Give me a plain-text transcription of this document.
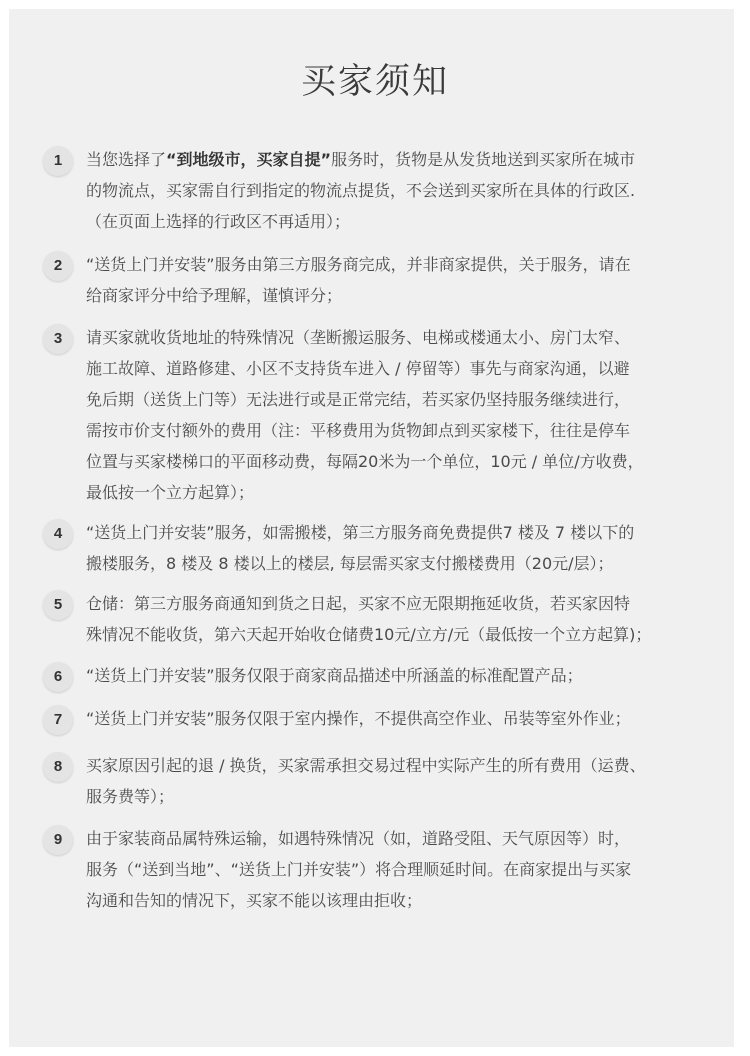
买家须知
1	当您选择了“到地级市，买家自提”服务时，货物是从发货地送到买家所在城市
的物流点，买家需自行到指定的物流点提货，不会送到买家所在具体的行政区.
（在页面上选择的行政区不再适用）；
2	“送货上门并安装”服务由第三方服务商完成，并非商家提供，关于服务，请在
给商家评分中给予理解，谨慎评分；
3	请买家就收货地址的特殊情况（垄断搬运服务、电梯或楼通太小、房门太窄、
施工故障、道路修建、小区不支持货车进入 / 停留等）事先与商家沟通，以避
免后期（送货上门等）无法进行或是正常完结，若买家仍坚持服务继续进行，
需按市价支付额外的费用（注：平移费用为货物卸点到买家楼下，往往是停车
位置与买家楼梯口的平面移动费，每隔20米为一个单位，10元 / 单位/方收费，
最低按一个立方起算）；
4	“送货上门并安装”服务，如需搬楼，第三方服务商免费提供7 楼及 7 楼以下的
搬楼服务，8 楼及 8 楼以上的楼层, 每层需买家支付搬楼费用（20元/层）；
5	仓储：第三方服务商通知到货之日起，买家不应无限期拖延收货，若买家因特
殊情况不能收货，第六天起开始收仓储费10元/立方/元（最低按一个立方起算)；
6	“送货上门并安装”服务仅限于商家商品描述中所涵盖的标准配置产品；
7	“送货上门并安装”服务仅限于室内操作，不提供高空作业、吊装等室外作业；
8	买家原因引起的退 / 换货，买家需承担交易过程中实际产生的所有费用（运费、
服务费等）；
9	由于家装商品属特殊运输，如遇特殊情况（如，道路受阻、天气原因等）时，
服务（“送到当地”、“送货上门并安装”）将合理顺延时间。在商家提出与买家
沟通和告知的情况下，买家不能以该理由拒收；
